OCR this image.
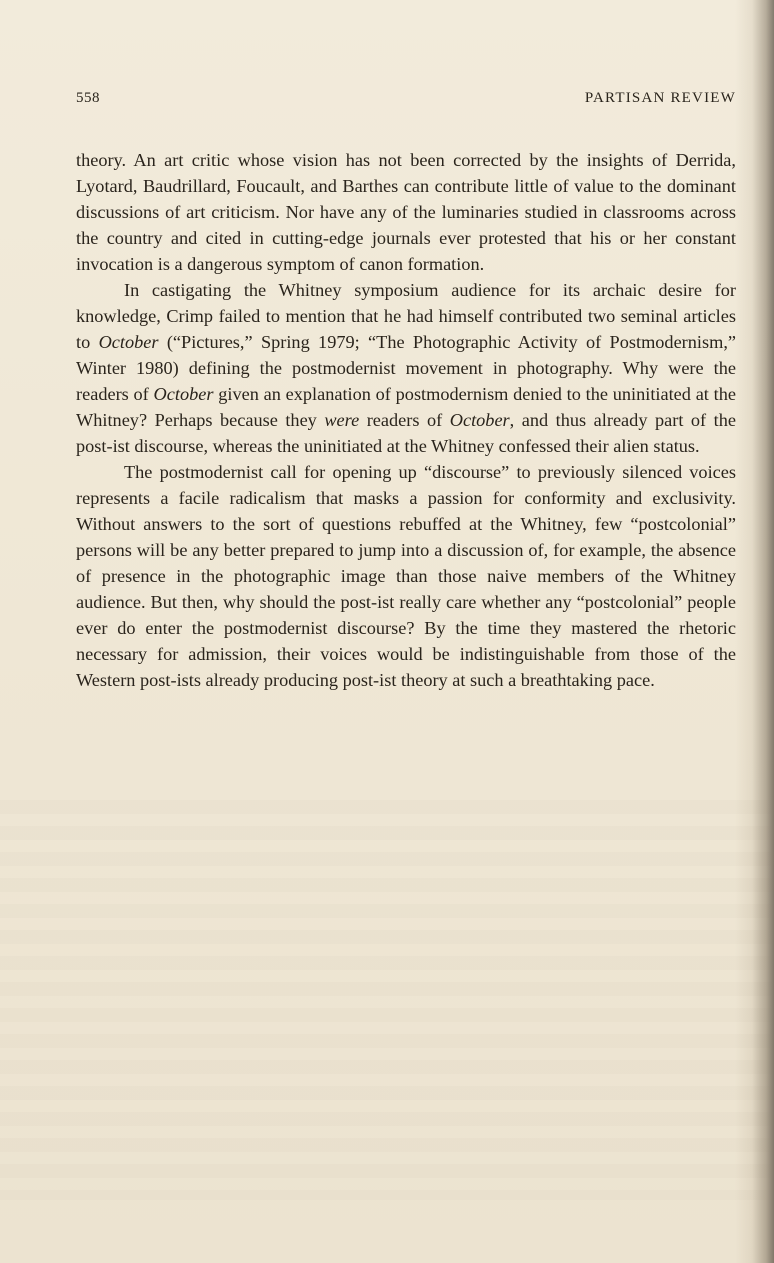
558	PARTISAN REVIEW

theory. An art critic whose vision has not been corrected by the insights of Derrida, Lyotard, Baudrillard, Foucault, and Barthes can contribute little of value to the dominant discussions of art criticism. Nor have any of the luminaries studied in classrooms across the country and cited in cutting-edge journals ever protested that his or her constant invocation is a dangerous symptom of canon formation.

In castigating the Whitney symposium audience for its archaic desire for knowledge, Crimp failed to mention that he had himself contributed two seminal articles to October (“Pictures,” Spring 1979; “The Photographic Activity of Postmodernism,” Winter 1980) defining the postmodernist movement in photography. Why were the readers of October given an explanation of postmodernism denied to the uninitiated at the Whitney? Perhaps because they were readers of October, and thus already part of the post-ist discourse, whereas the uninitiated at the Whitney confessed their alien status.

The postmodernist call for opening up “discourse” to previously silenced voices represents a facile radicalism that masks a passion for conformity and exclusivity. Without answers to the sort of questions rebuffed at the Whitney, few “postcolonial” persons will be any better prepared to jump into a discussion of, for example, the absence of presence in the photographic image than those naive members of the Whitney audience. But then, why should the post-ist really care whether any “postcolonial” people ever do enter the postmodernist discourse? By the time they mastered the rhetoric necessary for admission, their voices would be indistinguishable from those of the Western post-ists already producing post-ist theory at such a breathtaking pace.
